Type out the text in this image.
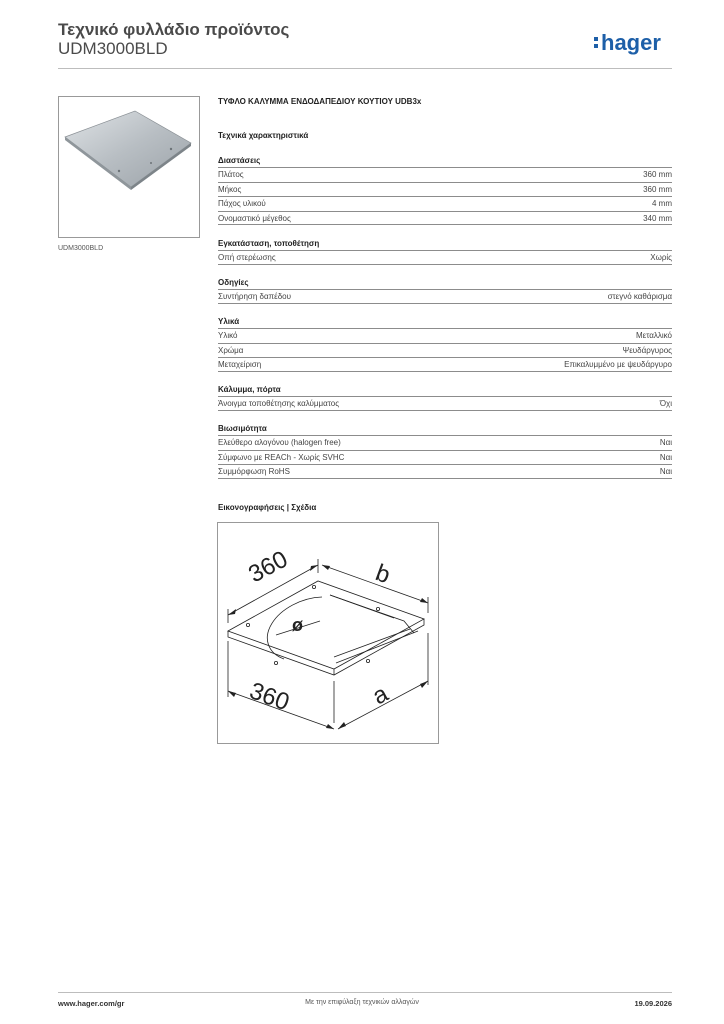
Τεχνικό φυλλάδιο προϊόντος
UDM3000BLD	hager
UDM3000BLD
ΤΥΦΛΟ ΚΑΛΥΜΜΑ ΕΝΔΟΔΑΠΕΔΙΟΥ ΚΟΥΤΙΟΥ UDB3x
Τεχνικά χαρακτηριστικά
Διαστάσεις
Πλάτος	360 mm
Μήκος	360 mm
Πάχος υλικού	4 mm
Ονομαστικό μέγεθος	340 mm
Εγκατάσταση, τοποθέτηση
Οπή στερέωσης	Χωρίς
Οδηγίες
Συντήρηση δαπέδου	στεγνό καθάρισμα
Υλικά
Υλικό	Μεταλλικό
Χρώμα	Ψευδάργυρος
Μεταχείριση	Επικαλυμμένο με ψευδάργυρο
Κάλυμμα, πόρτα
Άνοιγμα τοποθέτησης καλύμματος	Όχι
Βιωσιμότητα
Ελεύθερο αλογόνου (halogen free)	Ναι
Σύμφωνο με REACh - Χωρίς SVHC	Ναι
Συμμόρφωση RoHS	Ναι
Εικονογραφήσεις | Σχέδια
360	b
360	a
ø
www.hager.com/gr	Με την επιφύλαξη τεχνικών αλλαγών	19.09.2026
